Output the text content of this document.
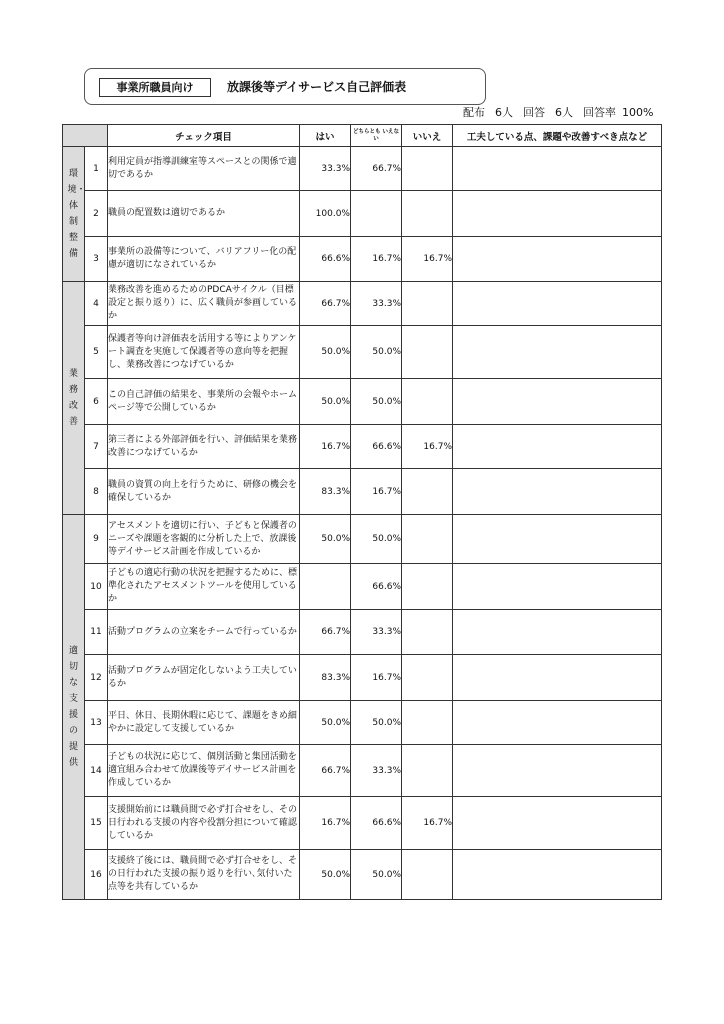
事業所職員向け	放課後等デイサービス自己評価表
配布 6人 回答 6人 回答率 100%
		チェック項目	はい	どちらとも いえない	いいえ	工夫している点、課題や改善すべき点など
環境・体制整備	1	利用定員が指導訓練室等スペースとの関係で適切であるか	33.3%	66.7%		
	2	職員の配置数は適切であるか	100.0%			
	3	事業所の設備等について、バリアフリー化の配慮が適切になされているか	66.6%	16.7%	16.7%	
業務改善	4	業務改善を進めるためのPDCAサイクル（目標設定と振り返り）に、広く職員が参画しているか	66.7%	33.3%		
	5	保護者等向け評価表を活用する等によりアンケート調査を実施して保護者等の意向等を把握し、業務改善につなげているか	50.0%	50.0%		
	6	この自己評価の結果を、事業所の会報やホームページ等で公開しているか	50.0%	50.0%		
	7	第三者による外部評価を行い、評価結果を業務改善につなげているか	16.7%	66.6%	16.7%	
	8	職員の資質の向上を行うために、研修の機会を確保しているか	83.3%	16.7%		
適切な支援の提供	9	アセスメントを適切に行い、子どもと保護者のニーズや課題を客観的に分析した上で、放課後等デイサービス計画を作成しているか	50.0%	50.0%		
	10	子どもの適応行動の状況を把握するために、標準化されたアセスメントツールを使用しているか		66.6%		
	11	活動プログラムの立案をチームで行っているか	66.7%	33.3%		
	12	活動プログラムが固定化しないよう工夫しているか	83.3%	16.7%		
	13	平日、休日、長期休暇に応じて、課題をきめ細やかに設定して支援しているか	50.0%	50.0%		
	14	子どもの状況に応じて、個別活動と集団活動を適宜組み合わせて放課後等デイサービス計画を作成しているか	66.7%	33.3%		
	15	支援開始前には職員間で必ず打合せをし、その日行われる支援の内容や役割分担について確認しているか	16.7%	66.6%	16.7%	
	16	支援終了後には、職員間で必ず打合せをし、その日行われた支援の振り返りを行い､気付いた点等を共有しているか	50.0%	50.0%		
